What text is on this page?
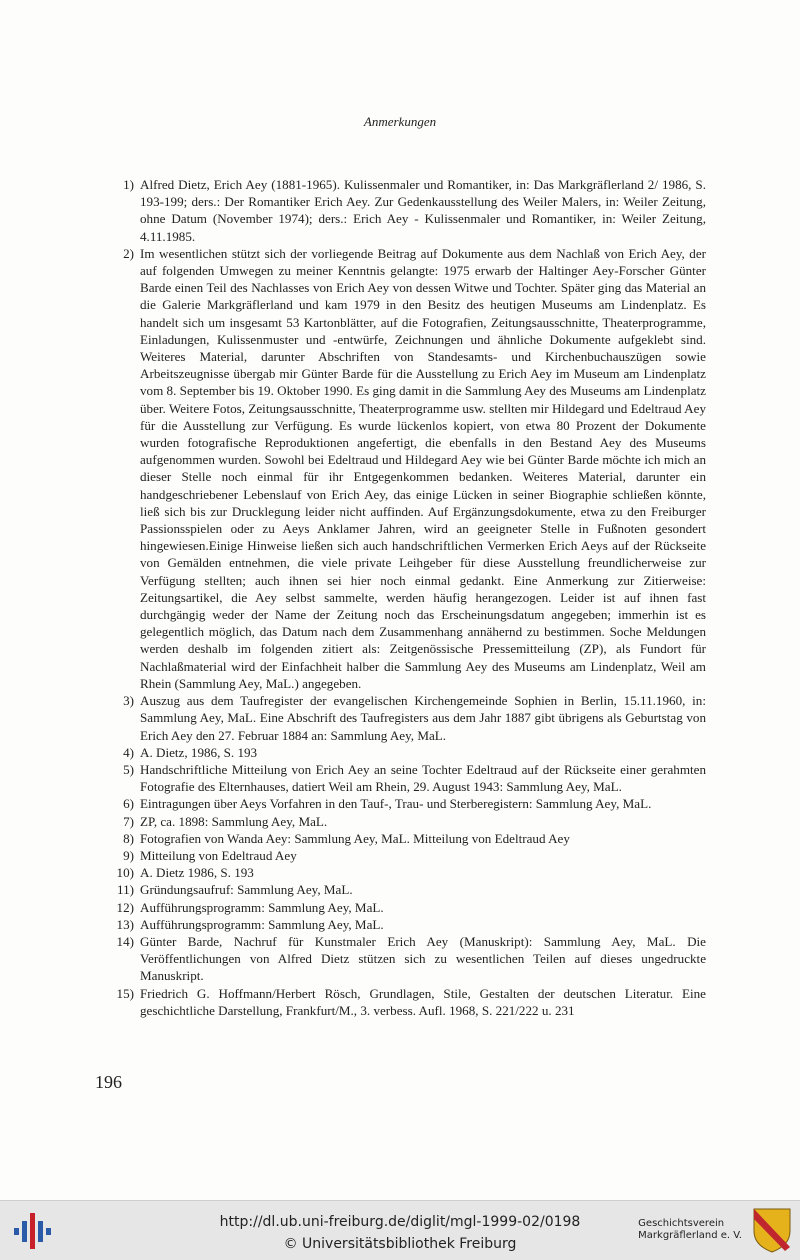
Anmerkungen
1) Alfred Dietz, Erich Aey (1881-1965). Kulissenmaler und Romantiker, in: Das Markgräflerland 2/ 1986, S. 193-199; ders.: Der Romantiker Erich Aey. Zur Gedenkausstellung des Weiler Malers, in: Weiler Zeitung, ohne Datum (November 1974); ders.: Erich Aey - Kulissenmaler und Romantiker, in: Weiler Zeitung, 4.11.1985.
2) Im wesentlichen stützt sich der vorliegende Beitrag auf Dokumente aus dem Nachlaß von Erich Aey, der auf folgenden Umwegen zu meiner Kenntnis gelangte: 1975 erwarb der Haltinger Aey-Forscher Günter Barde einen Teil des Nachlasses von Erich Aey von dessen Witwe und Tochter. Später ging das Material an die Galerie Markgräflerland und kam 1979 in den Besitz des heutigen Museums am Lindenplatz. Es handelt sich um insgesamt 53 Kartonblätter, auf die Fotografien, Zeitungsausschnitte, Theaterprogramme, Einladungen, Kulissenmuster und -entwürfe, Zeichnungen und ähnliche Dokumente aufgeklebt sind. Weiteres Material, darunter Abschriften von Standesamts- und Kirchenbuchauszügen sowie Arbeitszeugnisse übergab mir Günter Barde für die Ausstellung zu Erich Aey im Museum am Lindenplatz vom 8. September bis 19. Oktober 1990. Es ging damit in die Sammlung Aey des Museums am Lindenplatz über. Weitere Fotos, Zeitungsausschnitte, Theaterprogramme usw. stellten mir Hildegard und Edeltraud Aey für die Ausstellung zur Verfügung. Es wurde lückenlos kopiert, von etwa 80 Prozent der Dokumente wurden fotografische Reproduktionen angefertigt, die ebenfalls in den Bestand Aey des Museums aufgenommen wurden. Sowohl bei Edeltraud und Hildegard Aey wie bei Günter Barde möchte ich mich an dieser Stelle noch einmal für ihr Entgegenkommen bedanken. Weiteres Material, darunter ein handgeschriebener Lebenslauf von Erich Aey, das einige Lücken in seiner Biographie schließen könnte, ließ sich bis zur Drucklegung leider nicht auffinden. Auf Ergänzungsdokumente, etwa zu den Freiburger Passionsspielen oder zu Aeys Anklamer Jahren, wird an geeigneter Stelle in Fußnoten gesondert hingewiesen.Einige Hinweise ließen sich auch handschriftlichen Vermerken Erich Aeys auf der Rückseite von Gemälden entnehmen, die viele private Leihgeber für diese Ausstellung freundlicherweise zur Verfügung stellten; auch ihnen sei hier noch einmal gedankt. Eine Anmerkung zur Zitierweise: Zeitungsartikel, die Aey selbst sammelte, werden häufig herangezogen. Leider ist auf ihnen fast durchgängig weder der Name der Zeitung noch das Erscheinungsdatum angegeben; immerhin ist es gelegentlich möglich, das Datum nach dem Zusammenhang annähernd zu bestimmen. Soche Meldungen werden deshalb im folgenden zitiert als: Zeitgenössische Pressemitteilung (ZP), als Fundort für Nachlaßmaterial wird der Einfachheit halber die Sammlung Aey des Museums am Lindenplatz, Weil am Rhein (Sammlung Aey, MaL.) angegeben.
3) Auszug aus dem Taufregister der evangelischen Kirchengemeinde Sophien in Berlin, 15.11.1960, in: Sammlung Aey, MaL. Eine Abschrift des Taufregisters aus dem Jahr 1887 gibt übrigens als Geburtstag von Erich Aey den 27. Februar 1884 an: Sammlung Aey, MaL.
4) A. Dietz, 1986, S. 193
5) Handschriftliche Mitteilung von Erich Aey an seine Tochter Edeltraud auf der Rückseite einer gerahmten Fotografie des Elternhauses, datiert Weil am Rhein, 29. August 1943: Sammlung Aey, MaL.
6) Eintragungen über Aeys Vorfahren in den Tauf-, Trau- und Sterberegistern: Sammlung Aey, MaL.
7) ZP, ca. 1898: Sammlung Aey, MaL.
8) Fotografien von Wanda Aey: Sammlung Aey, MaL. Mitteilung von Edeltraud Aey
9) Mitteilung von Edeltraud Aey
10) A. Dietz 1986, S. 193
11) Gründungsaufruf: Sammlung Aey, MaL.
12) Aufführungsprogramm: Sammlung Aey, MaL.
13) Aufführungsprogramm: Sammlung Aey, MaL.
14) Günter Barde, Nachruf für Kunstmaler Erich Aey (Manuskript): Sammlung Aey, MaL. Die Veröffentlichungen von Alfred Dietz stützen sich zu wesentlichen Teilen auf dieses ungedruckte Manuskript.
15) Friedrich G. Hoffmann/Herbert Rösch, Grundlagen, Stile, Gestalten der deutschen Literatur. Eine geschichtliche Darstellung, Frankfurt/M., 3. verbess. Aufl. 1968, S. 221/222 u. 231
196
http://dl.ub.uni-freiburg.de/diglit/mgl-1999-02/0198
© Universitätsbibliothek Freiburg
Geschichtsverein
Markgräflerland e. V.
